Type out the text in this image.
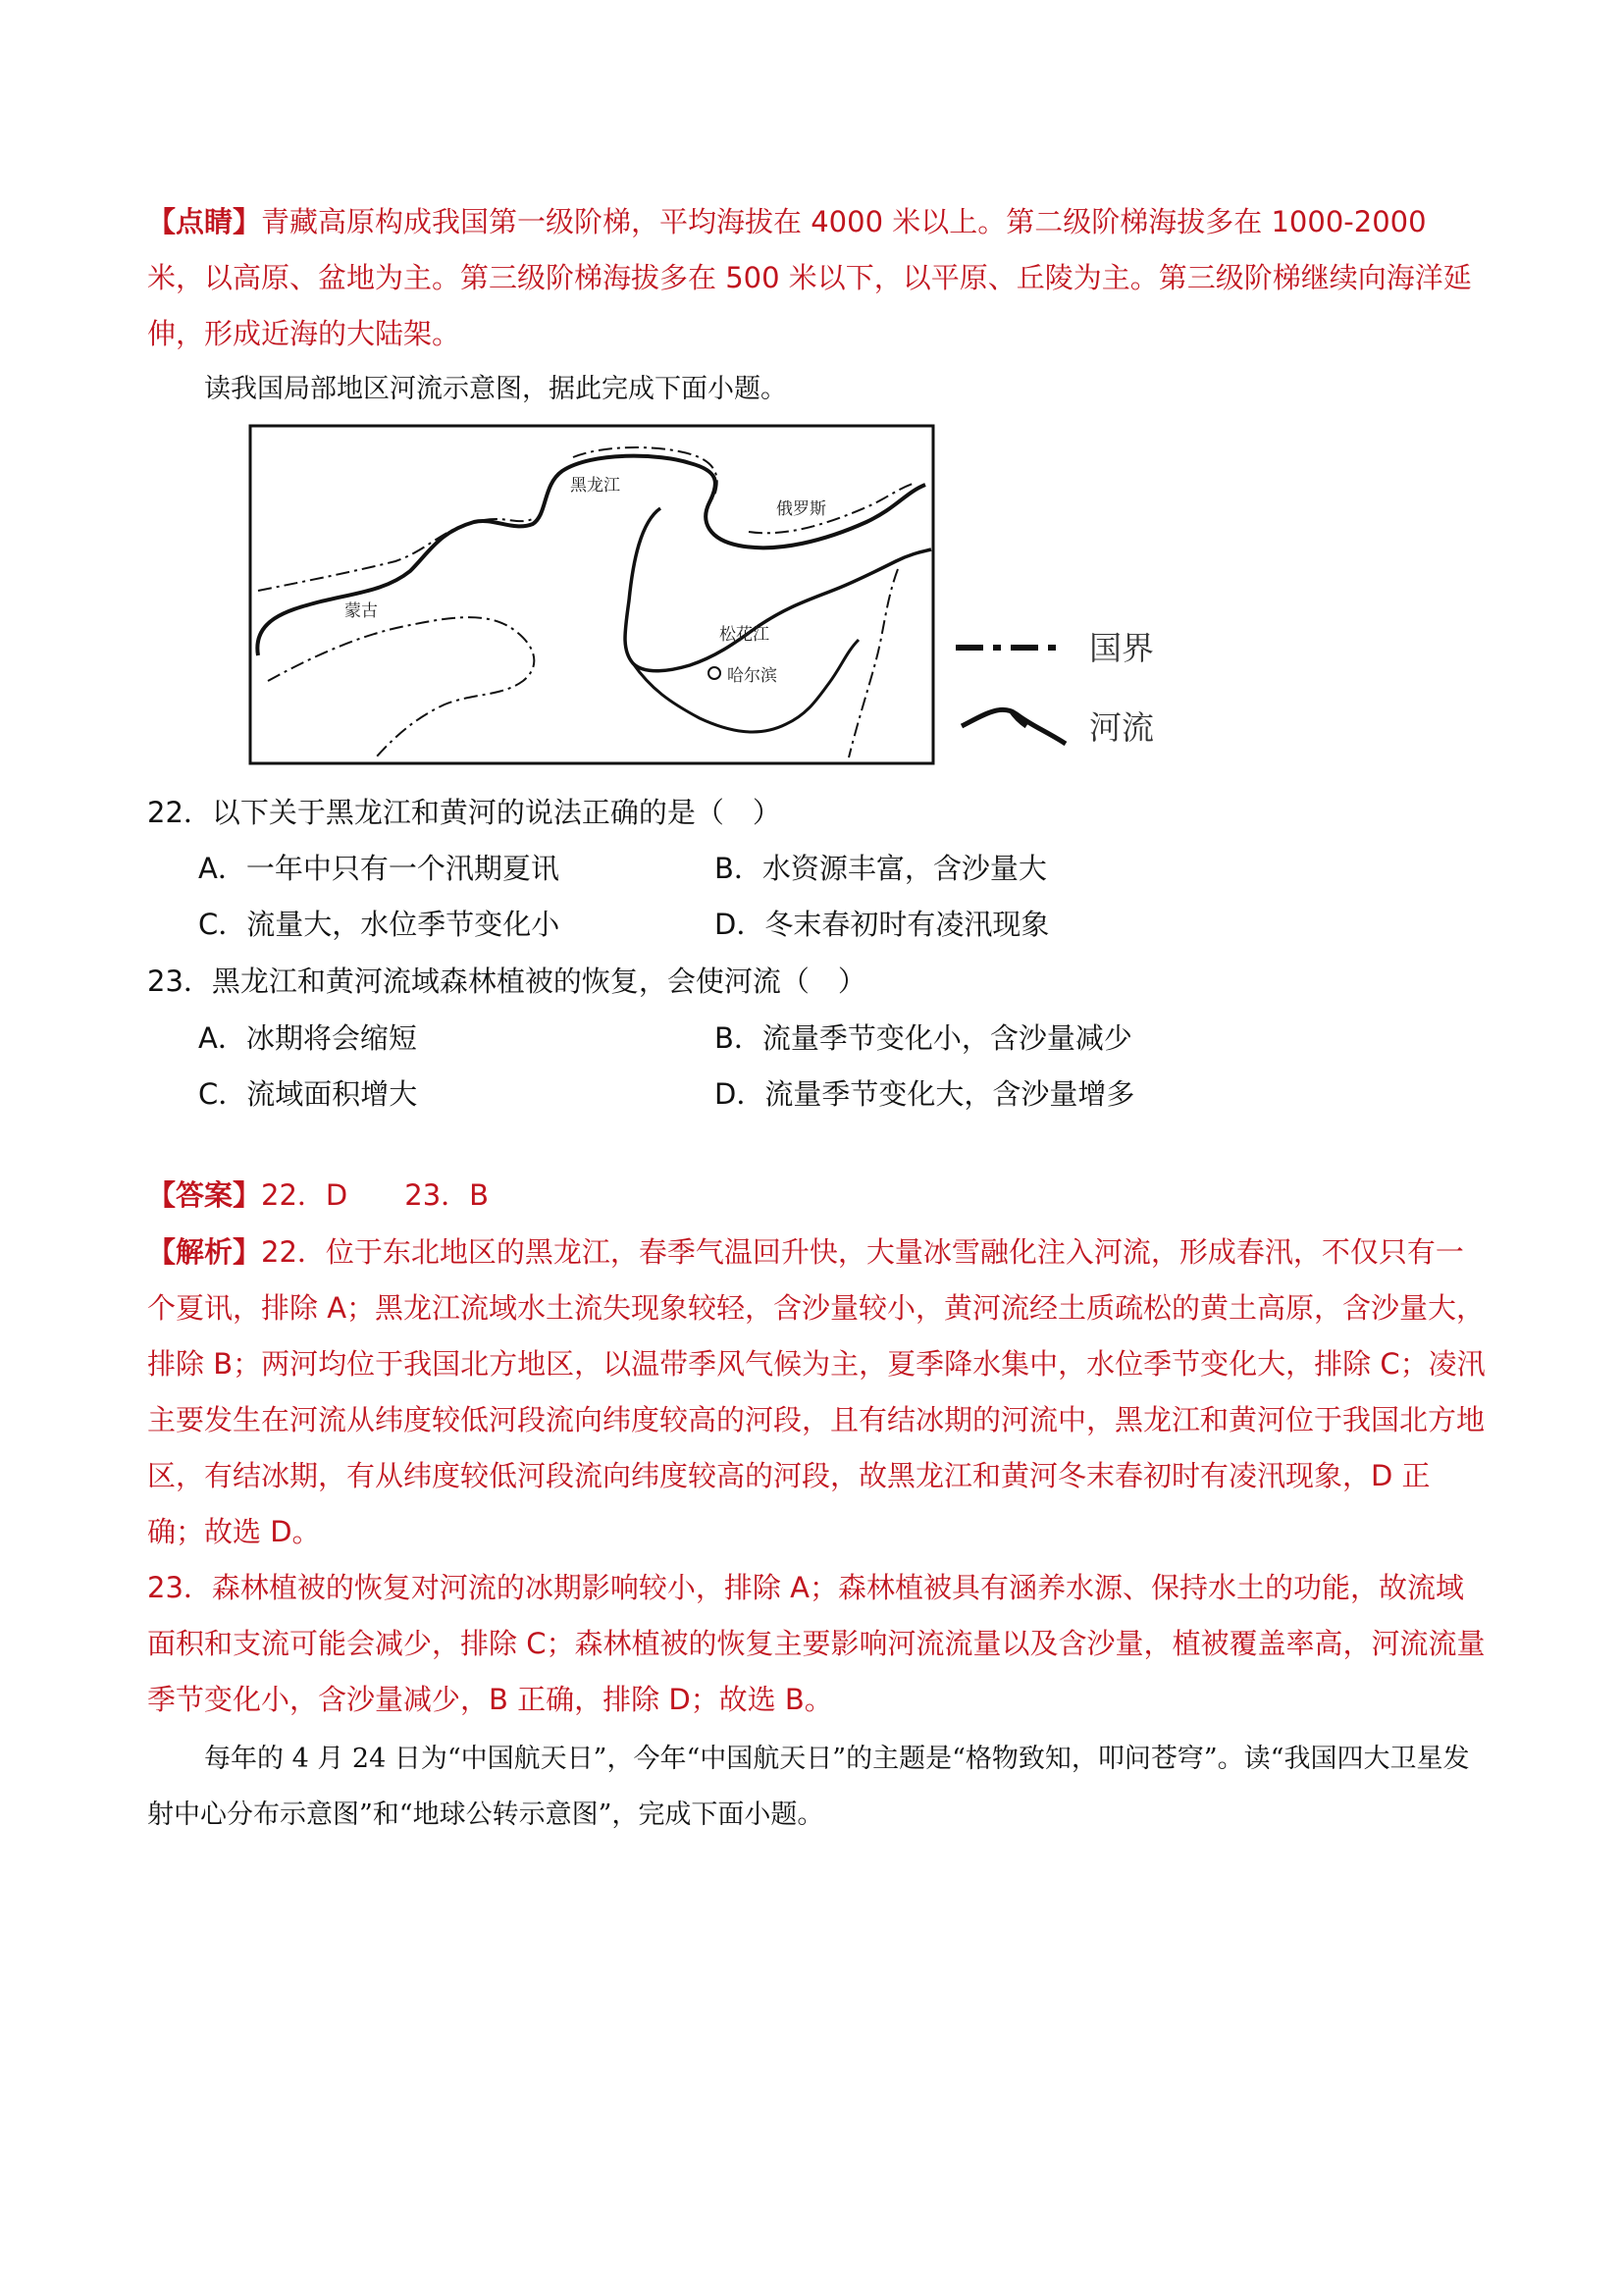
【点睛】青藏高原构成我国第一级阶梯，平均海拔在 4000 米以上。第二级阶梯海拔多在 1000-2000 米，以高原、盆地为主。第三级阶梯海拔多在 500 米以下，以平原、丘陵为主。第三级阶梯继续向海洋延伸，形成近海的大陆架。

读我国局部地区河流示意图，据此完成下面小题。

黑龙江
俄罗斯
蒙古
松花江
哈尔滨
国界
河流
22．以下关于黑龙江和黄河的说法正确的是（　）
A．一年中只有一个汛期夏讯	B．水资源丰富，含沙量大
C．流量大，水位季节变化小	D．冬末春初时有凌汛现象
23．黑龙江和黄河流域森林植被的恢复，会使河流（　）
A．冰期将会缩短	B．流量季节变化小，含沙量减少
C．流域面积增大	D．流量季节变化大，含沙量增多

【答案】22．D　　23．B

【解析】22．位于东北地区的黑龙江，春季气温回升快，大量冰雪融化注入河流，形成春汛，不仅只有一个夏讯，排除 A；黑龙江流域水土流失现象较轻，含沙量较小，黄河流经土质疏松的黄土高原，含沙量大，排除 B；两河均位于我国北方地区，以温带季风气候为主，夏季降水集中，水位季节变化大，排除 C；凌汛主要发生在河流从纬度较低河段流向纬度较高的河段，且有结冰期的河流中，黑龙江和黄河位于我国北方地区，有结冰期，有从纬度较低河段流向纬度较高的河段，故黑龙江和黄河冬末春初时有凌汛现象，D 正确；故选 D。

23．森林植被的恢复对河流的冰期影响较小，排除 A；森林植被具有涵养水源、保持水土的功能，故流域面积和支流可能会减少，排除 C；森林植被的恢复主要影响河流流量以及含沙量，植被覆盖率高，河流流量季节变化小，含沙量减少，B 正确，排除 D；故选 B。

每年的 4 月 24 日为“中国航天日”，今年“中国航天日”的主题是“格物致知，叩问苍穹”。读“我国四大卫星发射中心分布示意图”和“地球公转示意图”，完成下面小题。
